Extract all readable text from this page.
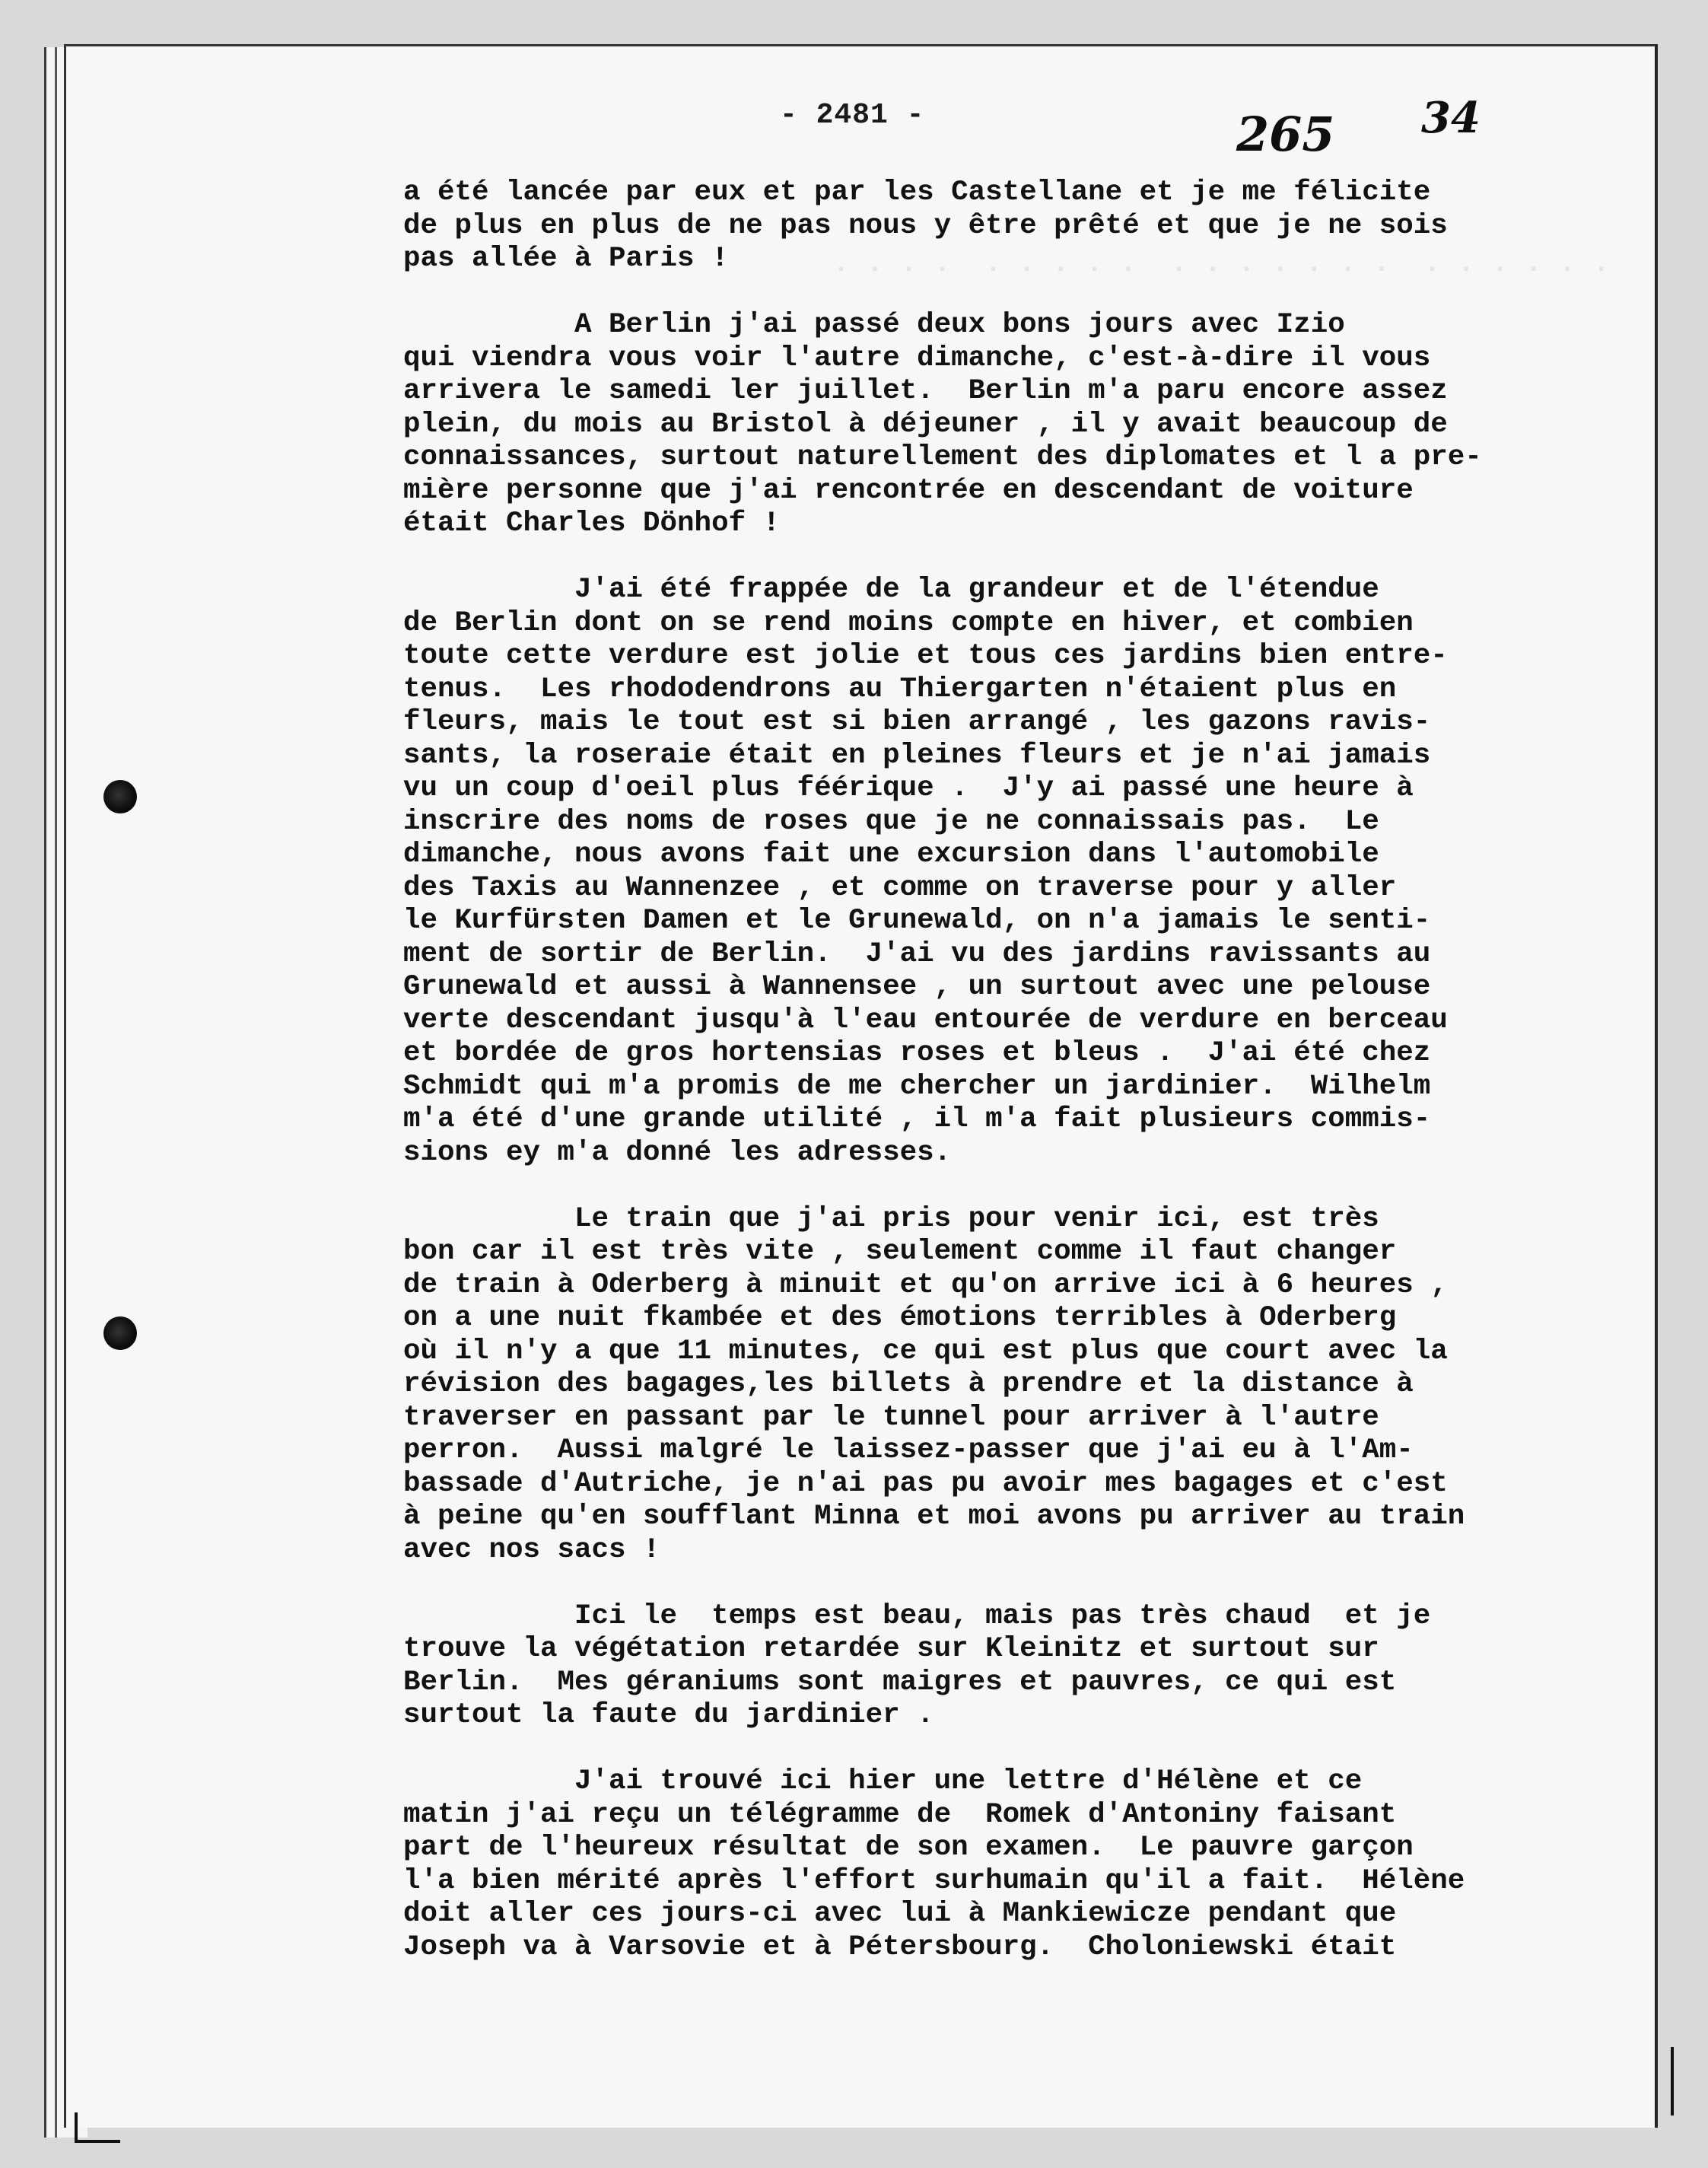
. . . .  . . . . .  . . . . . . .  . . . . . .
- 2481 -	265 34
a été lancée par eux et par les Castellane et je me félicite
de plus en plus de ne pas nous y être prêté et que je ne sois
pas allée à Paris !
A Berlin j'ai passé deux bons jours avec Izio
qui viendra vous voir l'autre dimanche, c'est-à-dire il vous
arrivera le samedi ler juillet.  Berlin m'a paru encore assez
plein, du mois au Bristol à déjeuner , il y avait beaucoup de
connaissances, surtout naturellement des diplomates et l a pre-
mière personne que j'ai rencontrée en descendant de voiture
était Charles Dönhof !
J'ai été frappée de la grandeur et de l'étendue
de Berlin dont on se rend moins compte en hiver, et combien
toute cette verdure est jolie et tous ces jardins bien entre-
tenus.  Les rhododendrons au Thiergarten n'étaient plus en
fleurs, mais le tout est si bien arrangé , les gazons ravis-
sants, la roseraie était en pleines fleurs et je n'ai jamais
vu un coup d'oeil plus féérique .  J'y ai passé une heure à
inscrire des noms de roses que je ne connaissais pas.  Le
dimanche, nous avons fait une excursion dans l'automobile
des Taxis au Wannenzee , et comme on traverse pour y aller
le Kurfürsten Damen et le Grunewald, on n'a jamais le senti-
ment de sortir de Berlin.  J'ai vu des jardins ravissants au
Grunewald et aussi à Wannensee , un surtout avec une pelouse
verte descendant jusqu'à l'eau entourée de verdure en berceau
et bordée de gros hortensias roses et bleus .  J'ai été chez
Schmidt qui m'a promis de me chercher un jardinier.  Wilhelm
m'a été d'une grande utilité , il m'a fait plusieurs commis-
sions ey m'a donné les adresses.
Le train que j'ai pris pour venir ici, est très
bon car il est très vite , seulement comme il faut changer
de train à Oderberg à minuit et qu'on arrive ici à 6 heures ,
on a une nuit fkambée et des émotions terribles à Oderberg
où il n'y a que 11 minutes, ce qui est plus que court avec la
révision des bagages,les billets à prendre et la distance à
traverser en passant par le tunnel pour arriver à l'autre
perron.  Aussi malgré le laissez-passer que j'ai eu à l'Am-
bassade d'Autriche, je n'ai pas pu avoir mes bagages et c'est
à peine qu'en soufflant Minna et moi avons pu arriver au train
avec nos sacs !
Ici le  temps est beau, mais pas très chaud  et je
trouve la végétation retardée sur Kleinitz et surtout sur
Berlin.  Mes géraniums sont maigres et pauvres, ce qui est
surtout la faute du jardinier .
J'ai trouvé ici hier une lettre d'Hélène et ce
matin j'ai reçu un télégramme de  Romek d'Antoniny faisant
part de l'heureux résultat de son examen.  Le pauvre garçon
l'a bien mérité après l'effort surhumain qu'il a fait.  Hélène
doit aller ces jours-ci avec lui à Mankiewicze pendant que
Joseph va à Varsovie et à Pétersbourg.  Choloniewski était
